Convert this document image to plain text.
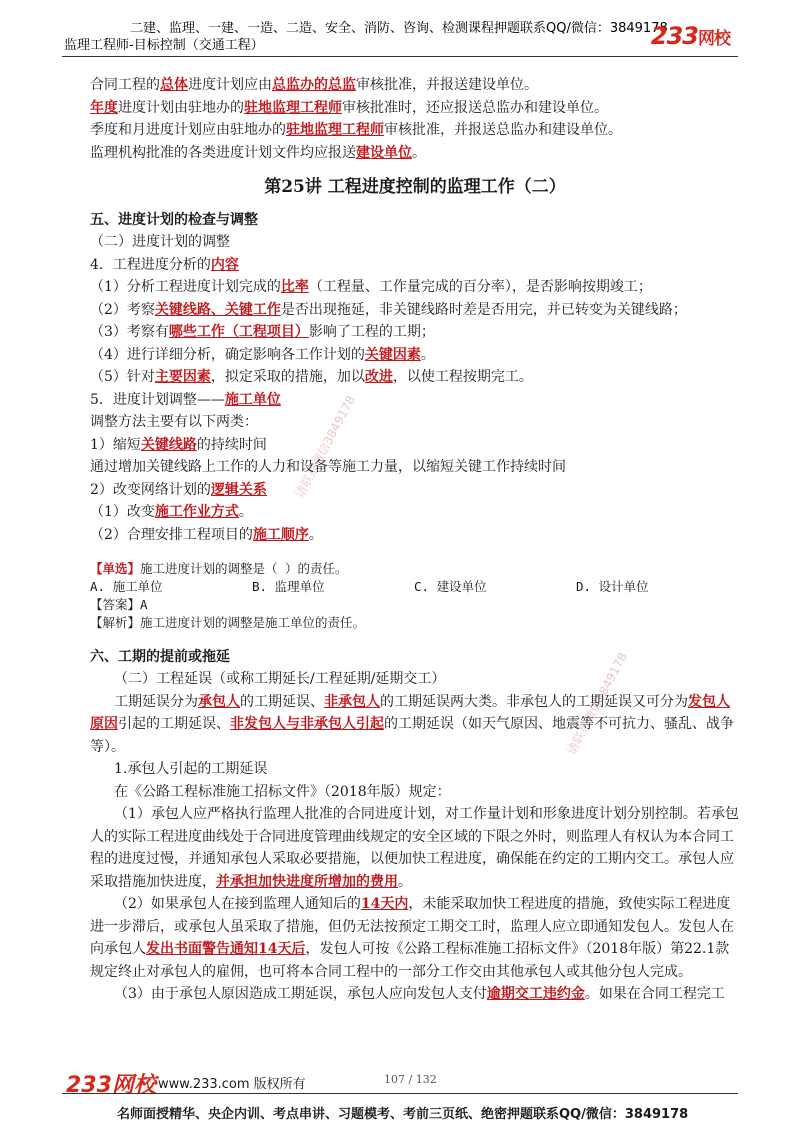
二建、监理、一建、一造、二造、安全、消防、咨询、检测课程押题联系QQ/微信：3849178
监理工程师-目标控制（交通工程）	233网校
请联系微信3849178
请联系微信3849178
合同工程的总体进度计划应由总监办的总监审核批准，并报送建设单位。
年度进度计划由驻地办的驻地监理工程师审核批准时，还应报送总监办和建设单位。
季度和月进度计划应由驻地办的驻地监理工程师审核批准，并报送总监办和建设单位。
监理机构批准的各类进度计划文件均应报送建设单位。
第25讲 工程进度控制的监理工作（二）
五、进度计划的检查与调整
（二）进度计划的调整
4．工程进度分析的内容
（1）分析工程进度计划完成的比率（工程量、工作量完成的百分率），是否影响按期竣工；
（2）考察关键线路、关键工作是否出现拖延，非关键线路时差是否用完，并已转变为关键线路；
（3）考察有哪些工作（工程项目）影响了工程的工期；
（4）进行详细分析，确定影响各工作计划的关键因素。
（5）针对主要因素，拟定采取的措施，加以改进，以使工程按期完工。
5．进度计划调整——施工单位
调整方法主要有以下两类：
1）缩短关键线路的持续时间
通过增加关键线路上工作的人力和设备等施工力量，以缩短关键工作持续时间
2）改变网络计划的逻辑关系
（1）改变施工作业方式。
（2）合理安排工程项目的施工顺序。
【单选】施工进度计划的调整是（ ）的责任。
A. 施工单位	B. 监理单位	C. 建设单位	D. 设计单位
【答案】A
【解析】施工进度计划的调整是施工单位的责任。
六、工期的提前或拖延
（二）工程延误（或称工期延长/工程延期/延期交工）
工期延误分为承包人的工期延误、非承包人的工期延误两大类。非承包人的工期延误又可分为发包人原因引起的工期延误、非发包人与非承包人引起的工期延误（如天气原因、地震等不可抗力、骚乱、战争等）。
1.承包人引起的工期延误
在《公路工程标准施工招标文件》（2018年版）规定：
（1）承包人应严格执行监理人批准的合同进度计划，对工作量计划和形象进度计划分别控制。若承包人的实际工程进度曲线处于合同进度管理曲线规定的安全区域的下限之外时，则监理人有权认为本合同工程的进度过慢，并通知承包人采取必要措施，以便加快工程进度，确保能在约定的工期内交工。承包人应采取措施加快进度，并承担加快进度所增加的费用。
（2）如果承包人在接到监理人通知后的14天内，未能采取加快工程进度的措施，致使实际工程进度进一步滞后，或承包人虽采取了措施，但仍无法按预定工期交工时，监理人应立即通知发包人。发包人在向承包人发出书面警告通知14天后，发包人可按《公路工程标准施工招标文件》（2018年版）第22.1款规定终止对承包人的雇佣，也可将本合同工程中的一部分工作交由其他承包人或其他分包人完成。
（3）由于承包人原因造成工期延误，承包人应向发包人支付逾期交工违约金。如果在合同工程完工
233网校 www.233.com 版权所有	107 / 132
名师面授精华、央企内训、考点串讲、习题模考、考前三页纸、绝密押题联系QQ/微信：3849178
